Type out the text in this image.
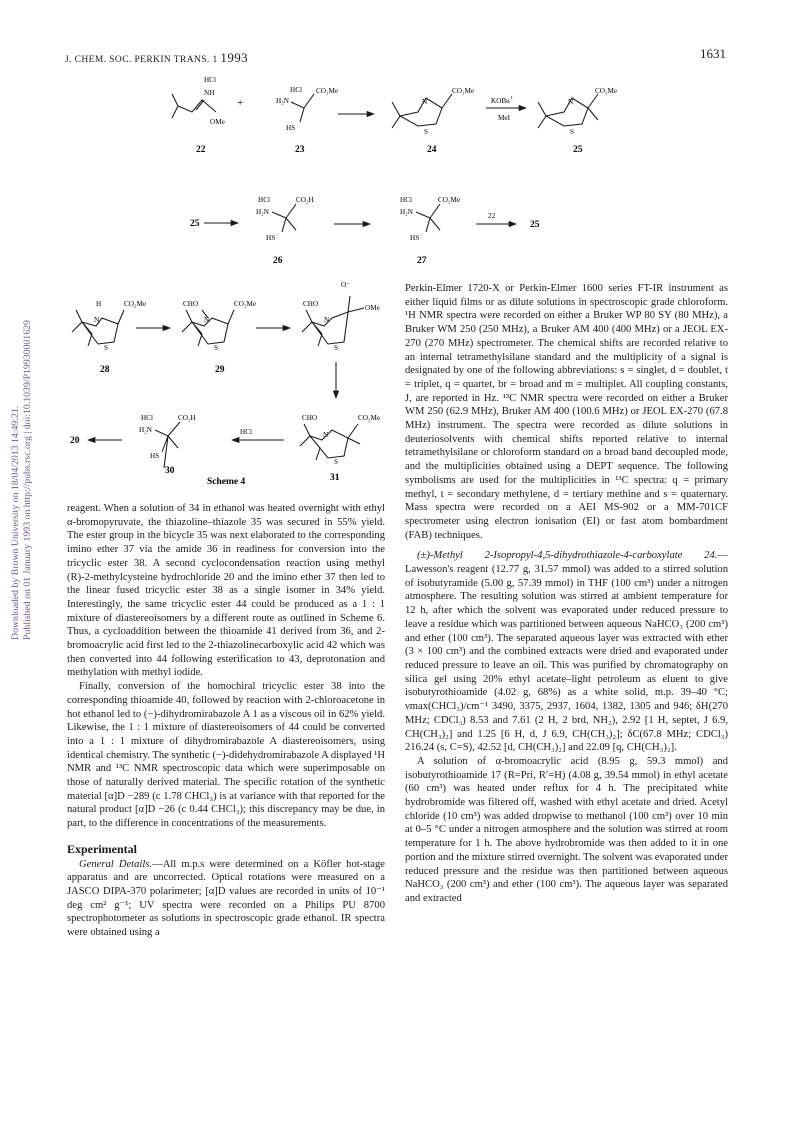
J. CHEM. SOC. PERKIN TRANS. 1 1993	1631
Downloaded by Brown University on 18/04/2013 14:49:21. Published on 01 January 1993 on http://pubs.rsc.org | doi:10.1039/P19930001629
HCl
NH
OMe
22
+
HCl
H₂N
CO₂Me
HS
23
N
S
CO₂Me
24
KOBu t
MeI
N
S
CO₂Me
25
25
HCl
H₂N
CO₂H
HS
26
HCl
H₂N
CO₂Me
HS
27
22
25
H
N
CO₂Me
S
28
CHO
N
CO₂Me
S
29
O⁻
CHO
N
OMe
S
20
HCl
H₂N
CO₂H
HS
30
HCl
CHO
N
CO₂Me
S
31
Scheme 4

reagent. When a solution of 34 in ethanol was heated overnight with ethyl α-bromopyruvate, the thiazoline–thiazole 35 was secured in 55% yield. The ester group in the bicycle 35 was next elaborated to the corresponding imino ether 37 via the amide 36 in readiness for conversion into the tricyclic ester 38. A second cyclocondensation reaction using methyl (R)-2-methylcysteine hydrochloride 20 and the imino ether 37 then led to the linear fused tricyclic ester 38 as a single isomer in 34% yield. Interestingly, the same tricyclic ester 44 could be produced as a 1 : 1 mixture of diastereoisomers by a different route as outlined in Scheme 6. Thus, a cycloaddition between the thioamide 41 derived from 36, and 2-bromoacrylic acid first led to the 2-thiazolinecarboxylic acid 42 which was then converted into 44 following esterification to 43, deprotonation and methylation with methyl iodide.

Finally, conversion of the homochiral tricyclic ester 38 into the corresponding thioamide 40, followed by reaction with 2-chloroacetone in hot ethanol led to (−)-dihydromirabazole A 1 as a viscous oil in 62% yield. Likewise, the 1 : 1 mixture of diastereoisomers of 44 could be converted into a 1 : 1 mixture of dihydromirabazole A diastereoisomers, using identical chemistry. The synthetic (−)-didehydromirabazole A displayed ¹H NMR and ¹³C NMR spectroscopic data which were superimposable on those of naturally derived material. The specific rotation of the synthetic material [α]D −289 (c 1.78 CHCl₃) is at variance with that reported for the natural product [α]D −26 (c 0.44 CHCl₃); this discrepancy may be due, in part, to the difference in concentrations of the measurements.

Experimental

General Details.—All m.p.s were determined on a Köfler hot-stage apparatus and are uncorrected. Optical rotations were measured on a JASCO DIPA-370 polarimeter; [α]D values are recorded in units of 10⁻¹ deg cm² g⁻¹; UV spectra were recorded on a Philips PU 8700 spectrophotometer as solutions in spectroscopic grade ethanol. IR spectra were obtained using a

Perkin-Elmer 1720-X or Perkin-Elmer 1600 series FT-IR instrument as either liquid films or as dilute solutions in spectroscopic grade chloroform. ¹H NMR spectra were recorded on either a Bruker WP 80 SY (80 MHz), a Bruker WM 250 (250 MHz), a Bruker AM 400 (400 MHz) or a JEOL EX-270 (270 MHz) spectrometer. The chemical shifts are recorded relative to an internal tetramethylsilane standard and the multiplicity of a signal is designated by one of the following abbreviations: s = singlet, d = doublet, t = triplet, q = quartet, br = broad and m = multiplet. All coupling constants, J, are reported in Hz. ¹³C NMR spectra were recorded on either a Bruker WM 250 (62.9 MHz), Bruker AM 400 (100.6 MHz) or JEOL EX-270 (67.8 MHz) instrument. The spectra were recorded as dilute solutions in deuteriosolvents with chemical shifts reported relative to internal tetramethylsilane or chloroform standard on a broad band decoupled mode, and the multiplicities obtained using a DEPT sequence. The following symbolisms are used for the multiplicities in ¹³C spectra: q = primary methyl, t = secondary methylene, d = tertiary methine and s = quaternary. Mass spectra were recorded on a AEI MS-902 or a MM-701CF spectrometer using electron ionisation (EI) or fast atom bombardment (FAB) techniques.

(±)-Methyl 2-Isopropyl-4,5-dihydrothiazole-4-carboxylate 24.—Lawesson's reagent (12.77 g, 31.57 mmol) was added to a stirred solution of isobutyramide (5.00 g, 57.39 mmol) in THF (100 cm³) under a nitrogen atmosphere. The resulting solution was stirred at ambient temperature for 12 h, after which the solvent was evaporated under reduced pressure to leave a residue which was partitioned between aqueous NaHCO₃ (200 cm³) and ether (100 cm³). The separated aqueous layer was extracted with ether (3 × 100 cm³) and the combined extracts were dried and evaporated under reduced pressure to leave an oil. This was purified by chromatography on silica gel using 20% ethyl acetate–light petroleum as eluent to give isobutyrothioamide (4.02 g, 68%) as a white solid, m.p. 39–40 °C; νmax(CHCl₃)/cm⁻¹ 3490, 3375, 2937, 1604, 1382, 1305 and 946; δH(270 MHz; CDCl₃) 8.53 and 7.61 (2 H, 2 brd, NH₂), 2.92 [1 H, septet, J 6.9, CH(CH₃)₂] and 1.25 [6 H, d, J 6.9, CH(CH₃)₂]; δC(67.8 MHz; CDCl₃) 216.24 (s, C=S), 42.52 [d, CH(CH₃)₂] and 22.09 [q, CH(CH₃)₂].

A solution of α-bromoacrylic acid (8.95 g, 59.3 mmol) and isobutyrothioamide 17 (R=Pri, R′=H) (4.08 g, 39.54 mmol) in ethyl acetate (60 cm³) was heated under reflux for 4 h. The precipitated white hydrobromide was filtered off, washed with ethyl acetate and dried. Acetyl chloride (10 cm³) was added dropwise to methanol (100 cm³) over 10 min at 0–5 °C under a nitrogen atmosphere and the solution was stirred at room temperature for 1 h. The above hydrobromide was then added to it in one portion and the mixture stirred overnight. The solvent was evaporated under reduced pressure and the residue was then partitioned between aqueous NaHCO₃ (200 cm³) and ether (100 cm³). The aqueous layer was separated and extracted
